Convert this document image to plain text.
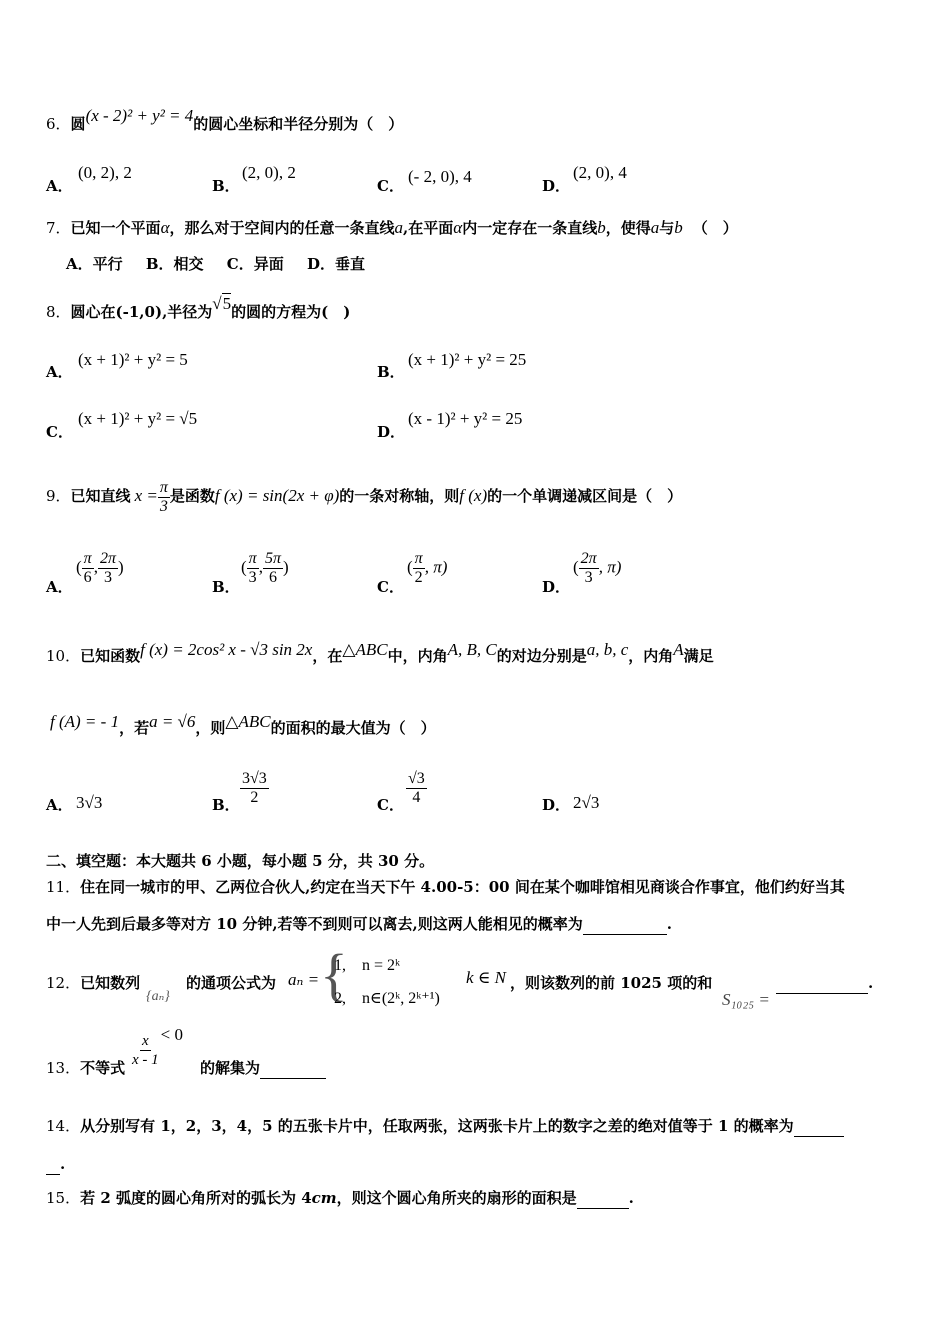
6．圆(x - 2)² + y² = 4的圆心坐标和半径分别为（　）
A．
(0, 2), 2
B．
(2, 0), 2
C． (- 2, 0), 4	D．
(2, 0), 4
7．已知一个平面α，那么对于空间内的任意一条直线a,在平面α内一定存在一条直线b，使得a与b （　）
A．平行 B．相交 C．异面 D．垂直
8．圆心在(-1,0),半径为√5的圆的方程为(　)
A．
(x + 1)² + y² = 5
B．
(x + 1)² + y² = 25
C．
(x + 1)² + y² = √5
D．
(x - 1)² + y² = 25
9．已知直线 $x = \frac{\pi}{3}$ 是函数f (x) = sin(2x + φ)的一条对称轴，则f (x)的一个单调递减区间是（　）
A．
( $\frac{\pi}{6}$ , $\frac{2\pi}{3}$ )
B．
( $\frac{\pi}{3}$ , $\frac{5\pi}{6}$ )
C．
( $\frac{\pi}{2}$ , π)
D．
( $\frac{2\pi}{3}$ , π)
10．已知函数f (x) = 2cos² x - √3 sin 2x，在△ABC中，内角A, B, C的对边分别是a, b, c，内角A满足
f (A) = - 1，若a = √6，则△ABC的面积的最大值为（　）
A． 3√3	B． $\frac{3√3}{2}$	C． $\frac{√3}{4}$	D． 2√3
二、填空题：本大题共 6 小题，每小题 5 分，共 30 分。
11．住在同一城市的甲、乙两位合伙人,约定在当天下午 4.00-5：00 间在某个咖啡馆相见商谈合作事宜，他们约好当其
中一人先到后最多等对方 10 分钟,若等不到则可以离去,则这两人能相见的概率为	.
12．已知数列
{aₙ}
的通项公式为 aₙ = {
1,　n = 2ᵏ
2,　n∈(2ᵏ, 2ᵏ⁺¹)
k ∈ N ，则该数列的前 1025 项的和
S₁₀₂₅ =
.
13．不等式 $\frac{x}{x - 1} < 0$
的解集为
14．从分别写有 1，2，3，4，5 的五张卡片中，任取两张，这两张卡片上的数字之差的绝对值等于 1 的概率为
.
15．若 2 弧度的圆心角所对的弧长为 4cm，则这个圆心角所夹的扇形的面积是	.
